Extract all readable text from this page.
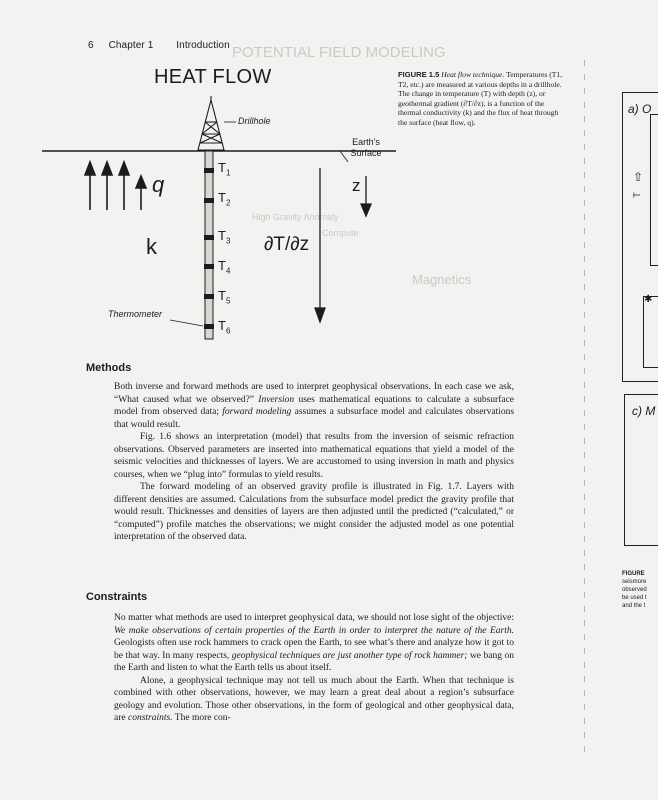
POTENTIAL FIELD MODELING
Magnetics
High Gravity Anomaly
Compute
6 Chapter 1 Introduction
HEAT FLOW	FIGURE 1.5 Heat flow technique. Temperatures (T1, T2, etc.) are measured at various depths in a drillhole. The change in temperature (T) with depth (z), or geothermal gradient (∂T/∂z), is a function of the thermal conductivity (k) and the flux of heat through the surface (heat flow, q).
Drillhole
Earth's Surface
Thermometer
q
k	∂T/∂z
z
$T_1$
$T_2$
$T_3$
$T_4$
$T_5$
$T_6$
Methods

Both inverse and forward methods are used to interpret geophysical observations. In each case we ask, “What caused what we observed?” Inversion uses mathematical equations to calculate a subsurface model from observed data; forward modeling assumes a subsurface model and calculates observations that would result.

Fig. 1.6 shows an interpretation (model) that results from the inversion of seismic refraction observations. Observed parameters are inserted into mathematical equations that yield a model of the seismic velocities and thicknesses of layers. We are accustomed to using inversion in math and physics courses, when we “plug into” formulas to yield results.

The forward modeling of an observed gravity profile is illustrated in Fig. 1.7. Layers with different densities are assumed. Calculations from the subsurface model predict the gravity profile that would result. Thicknesses and densities of layers are then adjusted until the predicted (“calculated,” or “computed”) profile matches the observations; we might consider the adjusted model as one potential interpretation of the observed data.

Constraints

No matter what methods are used to interpret geophysical data, we should not lose sight of the objective: We make observations of certain properties of the Earth in order to interpret the nature of the Earth. Geologists often use rock hammers to crack open the Earth, to see what’s there and analyze how it got to be that way. In many respects, geophysical techniques are just another type of rock hammer; we bang on the Earth and listen to what the Earth tells us about itself.

Alone, a geophysical technique may not tell us much about the Earth. When that technique is combined with other observations, however, we may learn a great deal about a region’s subsurface geology and evolution. Those other observations, in the form of geological and other geophysical data, are constraints. The more con-

a) O
T
⇧
✱
c) M
FIGURE
seismore
observed
be used t
and the t
